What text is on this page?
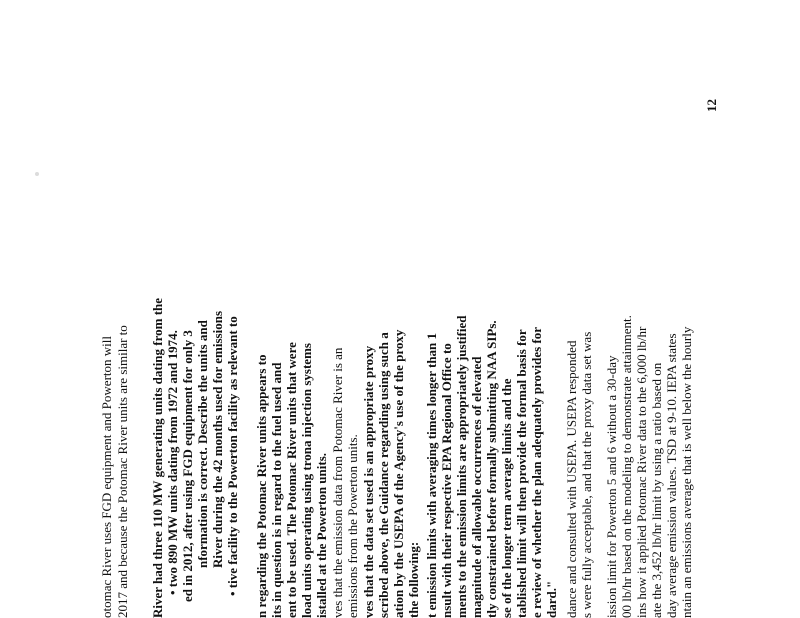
otomac River uses FGD equipment and Powerton will 2017 and because the Potomac River units are similar to River had three 110 MW generating units dating from the • two 890 MW units dating from 1972 and 1974. ed in 2012, after using FGD equipment for only 3 nformation is correct. Describe the units and River during the 42 months used for emissions • tive facility to the Powerton facility as relevant to n regarding the Potomac River units appears to its in question is in regard to the fuel used and ent to be used. The Potomac River units that were load units operating using trona injection systems istalled at the Powerton units. ves that the emission data from Potomac River is an emissions from the Powerton units. ves that the data set used is an appropriate proxy scribed above, the Guidance regarding using such a ation by the USEPA of the Agency's use of the proxy the following: t emission limits with averaging times longer than 1 nsult with their respective EPA Regional Office to ments to the emission limits are appropriately justified magnitude of allowable occurrences of elevated tly constrained before formally submitting NAA SIPs. se of the longer term average limits and the tablished limit will then provide the formal basis for e review of whether the plan adequately provides for dard." dance and consulted with USEPA. USEPA responded s were fully acceptable, and that the proxy data set was ission limit for Powerton 5 and 6 without a 30-day 00 lb/hr based on the modeling to demonstrate attainment. ins how it applied Potomac River data to the 6,000 lb/hr ate the 3,452 lb/hr limit by using a ratio based on day average emission values. TSD at 9-10. IEPA states ntain an emissions average that is well below the hourly
12
